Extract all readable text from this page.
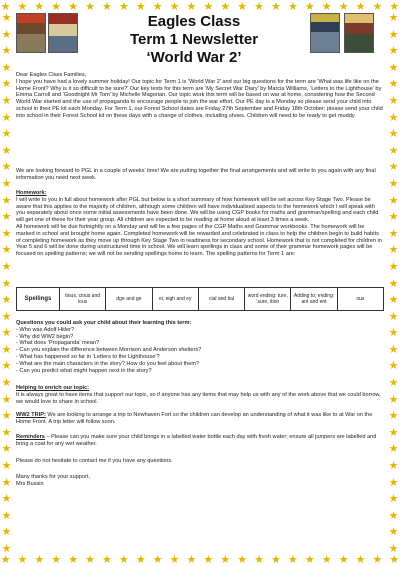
★ ★ ★ ★ ★ ★ ★ ★ ★ ★ ★ ★ ★ ★ ★ ★ ★ ★ ★ ★ ★ ★ ★ ★
★ ★ ★ ★ ★ ★ ★ ★ ★ ★ ★ ★ ★ ★ ★ ★ ★ ★ ★ ★ ★ ★ ★ ★
★
★
★
★
★
★
★
★
★
★
★
★
★
★
★
★
★
★
★
★
★
★
★
★
★
★
★
★
★
★
★
★
★
★
★
★
★
★
★
★
★
★
★
★
★
★
★
★
★
★
★
★
★
★
★
★
★
★
★
★
★
★
★
★
★
★
Eagles Class
Term 1 Newsletter
‘World War 2’

Dear Eagles Class Families,

I hope you have had a lovely summer holiday! Our topic for Term 1 is ‘World War 2’ and our big questions for the term are ‘What was life like on the Home Front? Why is it so difficult to be sure?’ Our key texts for this term are ‘My Secret War Diary’ by Marcia Williams, ‘Letters to the Lighthouse’ by Emma Carroll and ‘Goodnight Mr Tom’ by Michelle Magorian. Our topic work this term will be based on war at home, considering how the Second World War started and the use of propaganda to encourage people to join the war effort. Our PE day is a Monday so please send your child into school in their PE kit each Monday. For Term 1, our Forest School dates are Friday 27th September and Friday 18th October; please send your child into school in their Forest School kit on these days with a change of clothes, including shoes. Children will need to be ready to get muddy.

We are looking forward to PGL in a couple of weeks’ time! We are putting together the final arrangements and will write to you again with any final information you need next week.

Homework:

I will write to you in full about homework after PGL but below is a short summary of how homework will be set across Key Stage Two. Please be aware that this applies to the majority of children, although some children will have individualised aspects to the homework which I will speak with you separately about once some initial assessments have been done. We will be using CGP books for maths and grammar/spelling and each child will get one of these for their year group. All children are expected to be reading at home aloud at least 3 times a week.

All homework will be due fortnightly on a Monday and will be a few pages of the CGP Maths and Grammar workbooks. The homework will be marked in school and brought home again. Completed homework will be rewarded and celebrated in class to help the children begin to build habits of completing homework as they move up through Key Stage Two in readiness for secondary school. Homework that is not completed for children in Year 5 and 6 will be done during unstructured time in school. We will learn spellings in class and some of their grammar homework pages will be focused on spelling patterns; we will not be sending spellings home to learn. The spelling patterns for Term 1 are:

Spellings	tious, cious and ious	dge and ge	ei, eigh and ey	cial and tial	word ending: ture, ‘sure, ition	Adding to; ending: ant and ent	ous

Questions you could ask your child about their learning this term:

- Who was Adolf Hitler?

- Why did WW2 begin?

- What does ‘Propaganda’ mean?

- Can you explain the difference between Morrison and Anderson shelters?

- What has happened so far in ‘Letters to the Lighthouse’?

- What are the main characters in the story? How do you feel about them?

- Can you predict what might happen next in the story?

Helping to enrich our topic:

It is always great to have items that support our topic, so if anyone has any items that may help us with any of the work above that we could borrow, we would love to share in school.

WW2 TRIP: We are looking to arrange a trip to Newhaven Fort so the children can develop an understanding of what it was like to at War on the Home Front. A trip letter will follow soon.
Reminders – Please can you make sure your child brings in a labelled water bottle each day with fresh water; ensure all jumpers are labelled and bring a coat for any wet weather.
Please do not hesitate to contact me if you have any questions.

Many thanks for your support,

Mrs Bussin
